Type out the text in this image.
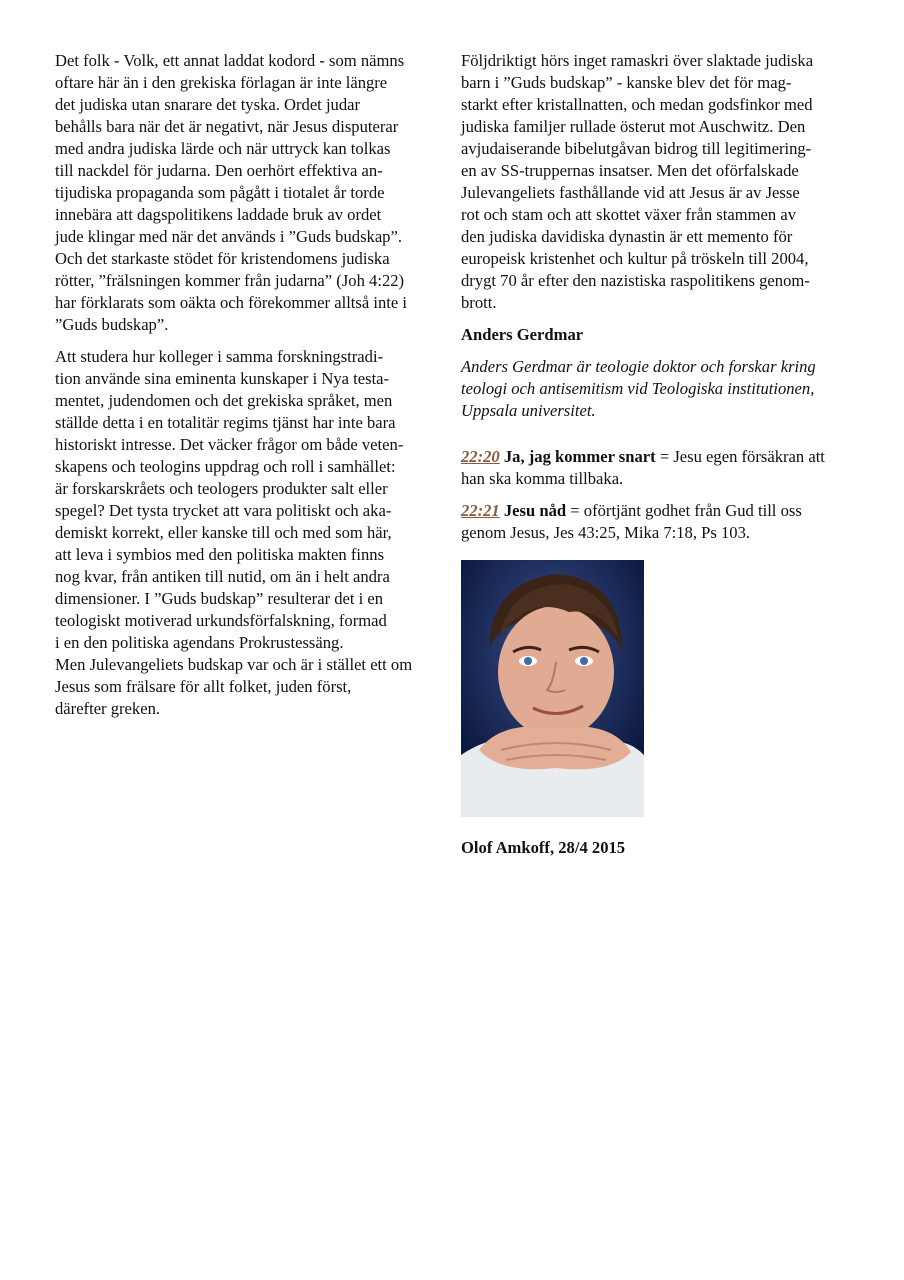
Det folk - Volk, ett annat laddat kodord - som nämns
oftare här än i den grekiska förlagan är inte längre
det judiska utan snarare det tyska. Ordet judar
behålls bara när det är negativt, när Jesus disputerar
med andra judiska lärde och när uttryck kan tolkas
till nackdel för judarna. Den oerhört effektiva an-
tijudiska propaganda som pågått i tiotalet år torde
innebära att dagspolitikens laddade bruk av ordet
jude klingar med när det används i ”Guds budskap”.
Och det starkaste stödet för kristendomens judiska
rötter, ”frälsningen kommer från judarna” (Joh 4:22)
har förklarats som oäkta och förekommer alltså inte i
”Guds budskap”.

Att studera hur kolleger i samma forskningstradi-
tion använde sina eminenta kunskaper i Nya testa-
mentet, judendomen och det grekiska språket, men
ställde detta i en totalitär regims tjänst har inte bara
historiskt intresse. Det väcker frågor om både veten-
skapens och teologins uppdrag och roll i samhället:
är forskarskråets och teologers produkter salt eller
spegel? Det tysta trycket att vara politiskt och aka-
demiskt korrekt, eller kanske till och med som här,
att leva i symbios med den politiska makten finns
nog kvar, från antiken till nutid, om än i helt andra
dimensioner. I ”Guds budskap” resulterar det i en
teologiskt motiverad urkundsförfalskning, formad
i en den politiska agendans Prokrustessäng.
Men Julevangeliets budskap var och är i stället ett om
Jesus som frälsare för allt folket, juden först,
därefter greken.

Följdriktigt hörs inget ramaskri över slaktade judiska
barn i ”Guds budskap” - kanske blev det för mag-
starkt efter kristallnatten, och medan godsfinkor med
judiska familjer rullade österut mot Auschwitz. Den
avjudaiserande bibelutgåvan bidrog till legitimering-
en av SS-truppernas insatser. Men det oförfalskade
Julevangeliets fasthållande vid att Jesus är av Jesse
rot och stam och att skottet växer från stammen av
den judiska davidiska dynastin är ett memento för
europeisk kristenhet och kultur på tröskeln till 2004,
drygt 70 år efter den nazistiska raspolitikens genom-
brott.

Anders Gerdmar
Anders Gerdmar är teologie doktor och forskar kring
teologi och antisemitism vid Teologiska institutionen,
Uppsala universitet.
22:20 Ja, jag kommer snart = Jesu egen försäkran att
han ska komma tillbaka.
22:21 Jesu nåd = oförtjänt godhet från Gud till oss
genom Jesus, Jes 43:25, Mika 7:18, Ps 103.
Olof Amkoff, 28/4 2015
